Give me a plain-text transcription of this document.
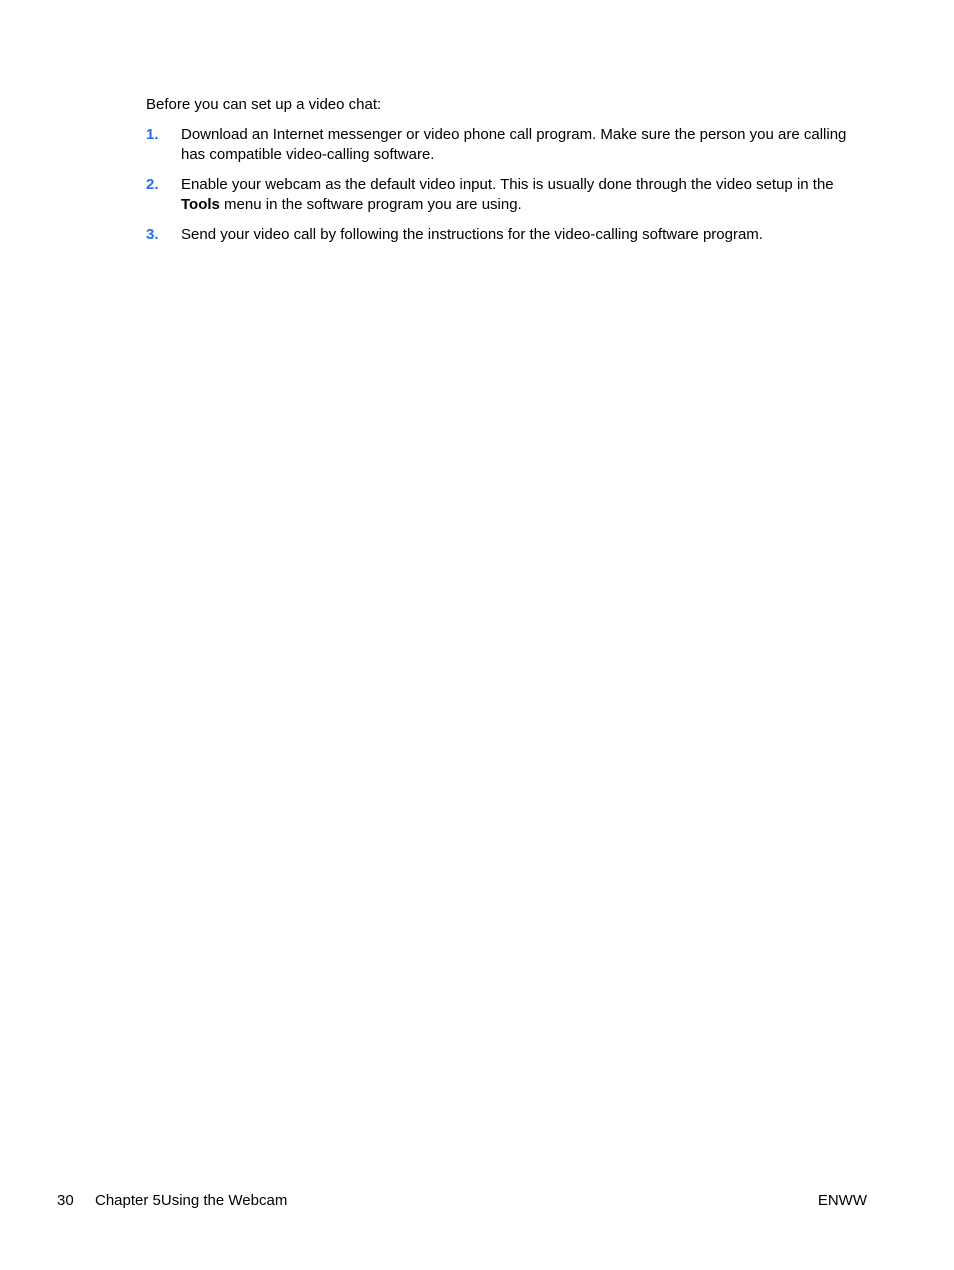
Before you can set up a video chat:

1.	Download an Internet messenger or video phone call program. Make sure the person you are calling has compatible video-calling software.
2.	Enable your webcam as the default video input. This is usually done through the video setup in the Tools menu in the software program you are using.
3.	Send your video call by following the instructions for the video-calling software program.
30 Chapter 5Using the Webcam	ENWW
